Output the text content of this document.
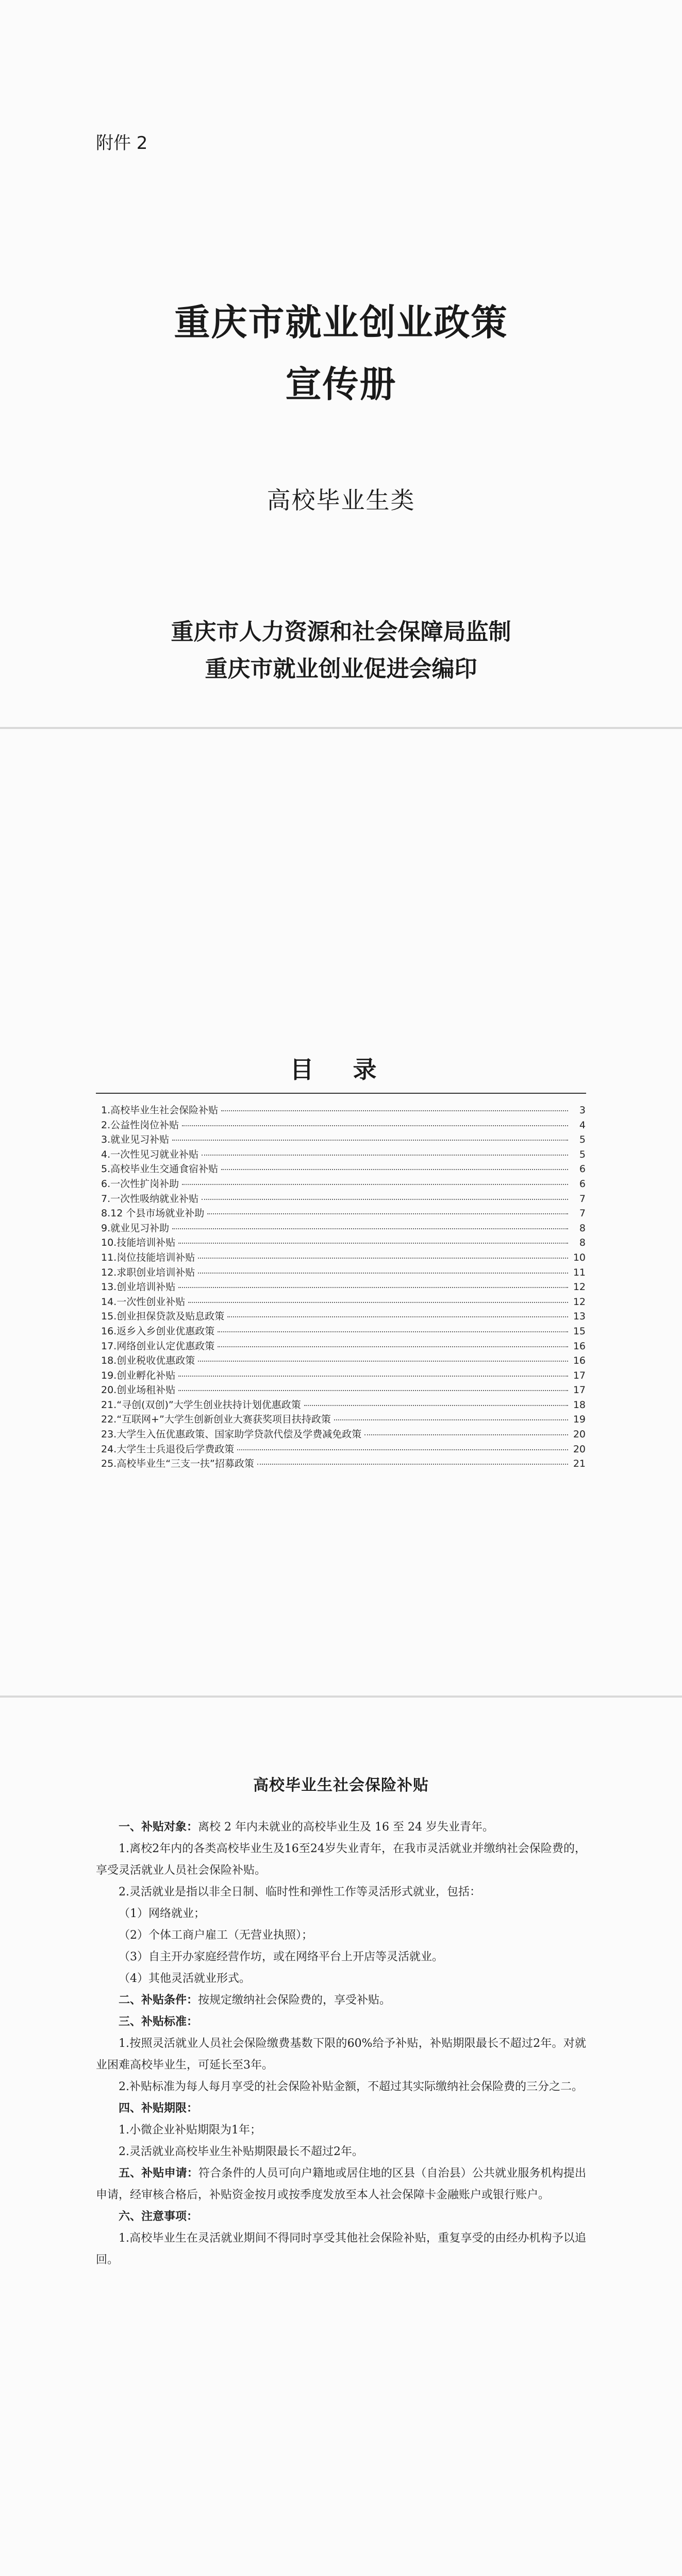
附件 2
重庆市就业创业政策
宣传册
高校毕业生类
重庆市人力资源和社会保障局监制
重庆市就业创业促进会编印
目 录
1.高校毕业生社会保险补贴	3
2.公益性岗位补贴	4
3.就业见习补贴	5
4.一次性见习就业补贴	5
5.高校毕业生交通食宿补贴	6
6.一次性扩岗补助	6
7.一次性吸纳就业补贴	7
8.12 个县市场就业补助	7
9.就业见习补助	8
10.技能培训补贴	8
11.岗位技能培训补贴	10
12.求职创业培训补贴	11
13.创业培训补贴	12
14.一次性创业补贴	12
15.创业担保贷款及贴息政策	13
16.返乡入乡创业优惠政策	15
17.网络创业认定优惠政策	16
18.创业税收优惠政策	16
19.创业孵化补贴	17
20.创业场租补贴	17
21.“寻创(双创)”大学生创业扶持计划优惠政策	18
22.“互联网+”大学生创新创业大赛获奖项目扶持政策	19
23.大学生入伍优惠政策、国家助学贷款代偿及学费减免政策	20
24.大学生士兵退役后学费政策	20
25.高校毕业生“三支一扶”招募政策	21
高校毕业生社会保险补贴

一、补贴对象：离校 2 年内未就业的高校毕业生及 16 至 24 岁失业青年。

1.离校2年内的各类高校毕业生及16至24岁失业青年，在我市灵活就业并缴纳社会保险费的，享受灵活就业人员社会保险补贴。

2.灵活就业是指以非全日制、临时性和弹性工作等灵活形式就业，包括：

（1）网络就业；

（2）个体工商户雇工（无营业执照）；

（3）自主开办家庭经营作坊，或在网络平台上开店等灵活就业。

（4）其他灵活就业形式。

二、补贴条件：按规定缴纳社会保险费的，享受补贴。

三、补贴标准：

1.按照灵活就业人员社会保险缴费基数下限的60%给予补贴，补贴期限最长不超过2年。对就业困难高校毕业生，可延长至3年。

2.补贴标准为每人每月享受的社会保险补贴金额，不超过其实际缴纳社会保险费的三分之二。

四、补贴期限：

1.小微企业补贴期限为1年；

2.灵活就业高校毕业生补贴期限最长不超过2年。

五、补贴申请：符合条件的人员可向户籍地或居住地的区县（自治县）公共就业服务机构提出申请，经审核合格后，补贴资金按月或按季度发放至本人社会保障卡金融账户或银行账户。

六、注意事项：

1.高校毕业生在灵活就业期间不得同时享受其他社会保险补贴，重复享受的由经办机构予以追回。
